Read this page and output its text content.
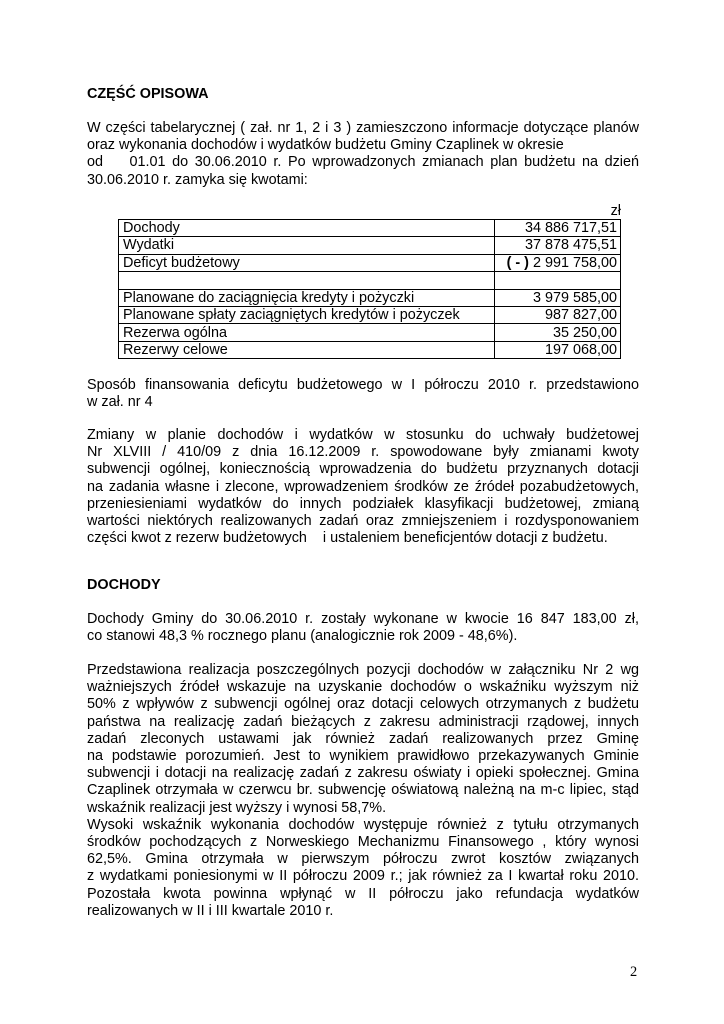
CZĘŚĆ OPISOWA
W części tabelarycznej ( zał. nr 1, 2 i 3 ) zamieszczono informacje dotyczące planów
oraz wykonania dochodów i wydatków budżetu Gminy Czaplinek w okresie
od    01.01 do 30.06.2010 r. Po wprowadzonych zmianach plan budżetu na dzień
30.06.2010 r. zamyka się kwotami:
zł
Dochody	34 886 717,51
Wydatki	37 878 475,51
Deficyt budżetowy	( - ) 2 991 758,00

Planowane do zaciągnięcia kredyty i pożyczki	3 979 585,00
Planowane spłaty zaciągniętych kredytów i pożyczek	987 827,00
Rezerwa ogólna	35 250,00
Rezerwy celowe	197 068,00
Sposób finansowania deficytu budżetowego w I półroczu 2010 r. przedstawiono
w zał. nr 4
Zmiany w planie dochodów i wydatków w stosunku do uchwały budżetowej
Nr XLVIII / 410/09 z dnia 16.12.2009 r. spowodowane były zmianami kwoty
subwencji ogólnej, koniecznością wprowadzenia do budżetu przyznanych dotacji
na zadania własne i zlecone, wprowadzeniem środków ze źródeł pozabudżetowych,
przeniesieniami wydatków do innych podziałek klasyfikacji budżetowej, zmianą
wartości niektórych realizowanych zadań oraz zmniejszeniem i rozdysponowaniem
części kwot z rezerw budżetowych    i ustaleniem beneficjentów dotacji z budżetu.
DOCHODY
Dochody Gminy do 30.06.2010 r. zostały wykonane w kwocie 16 847 183,00 zł,
co stanowi 48,3 % rocznego planu (analogicznie rok 2009 - 48,6%).
Przedstawiona realizacja poszczególnych pozycji dochodów w załączniku Nr 2 wg
ważniejszych źródeł wskazuje na uzyskanie dochodów o wskaźniku wyższym niż
50% z wpływów z subwencji ogólnej oraz dotacji celowych otrzymanych z budżetu
państwa na realizację zadań bieżących z zakresu administracji rządowej, innych
zadań zleconych ustawami jak również zadań realizowanych przez Gminę
na podstawie porozumień. Jest to wynikiem prawidłowo przekazywanych Gminie
subwencji i dotacji na realizację zadań z zakresu oświaty i opieki społecznej. Gmina
Czaplinek otrzymała w czerwcu br. subwencję oświatową należną na m-c lipiec, stąd
wskaźnik realizacji jest wyższy i wynosi 58,7%.
Wysoki wskaźnik wykonania dochodów występuje również z tytułu otrzymanych
środków pochodzących z Norweskiego Mechanizmu Finansowego , który wynosi
62,5%. Gmina otrzymała w pierwszym półroczu zwrot kosztów związanych
z wydatkami poniesionymi w II półroczu 2009 r.; jak również za I kwartał roku 2010.
Pozostała kwota powinna wpłynąć w II półroczu jako refundacja wydatków
realizowanych w II i III kwartale 2010 r.
2
